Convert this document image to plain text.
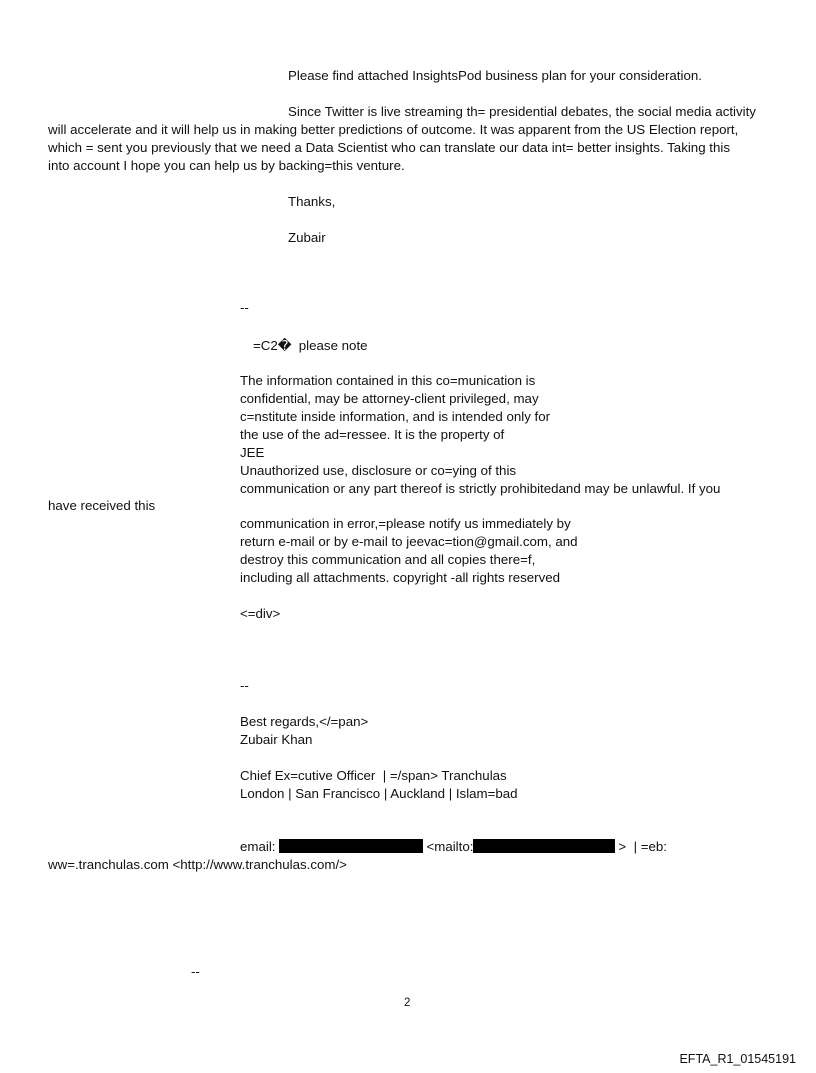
Please find attached InsightsPod business plan for your consideration.
Since Twitter is live streaming th= presidential debates, the social media activity
will accelerate and it will help us in making better predictions of outcome. It was apparent from the US Election report,
which = sent you previously that we need a Data Scientist who can translate our data int= better insights. Taking this
into account I hope you can help us by backing=this venture.
Thanks,
Zubair
--
=C2�  please note
The information contained in this co=munication is
confidential, may be attorney-client privileged, may
c=nstitute inside information, and is intended only for
the use of the ad=ressee. It is the property of
JEE
Unauthorized use, disclosure or co=ying of this
communication or any part thereof is strictly prohibitedand may be unlawful. If you
have received this
communication in error,=please notify us immediately by
return e-mail or by e-mail to jeevac=tion@gmail.com, and
destroy this communication and all copies there=f,
including all attachments. copyright -all rights reserved
<=div>
--
Best regards,</=pan>
Zubair Khan
Chief Ex=cutive Officer  | =/span> Tranchulas
London | San Francisco | Auckland | Islam=bad
email:	<mailto:	>  | =eb:
ww=.tranchulas.com <http://www.tranchulas.com/>
--
2
EFTA_R1_01545191
